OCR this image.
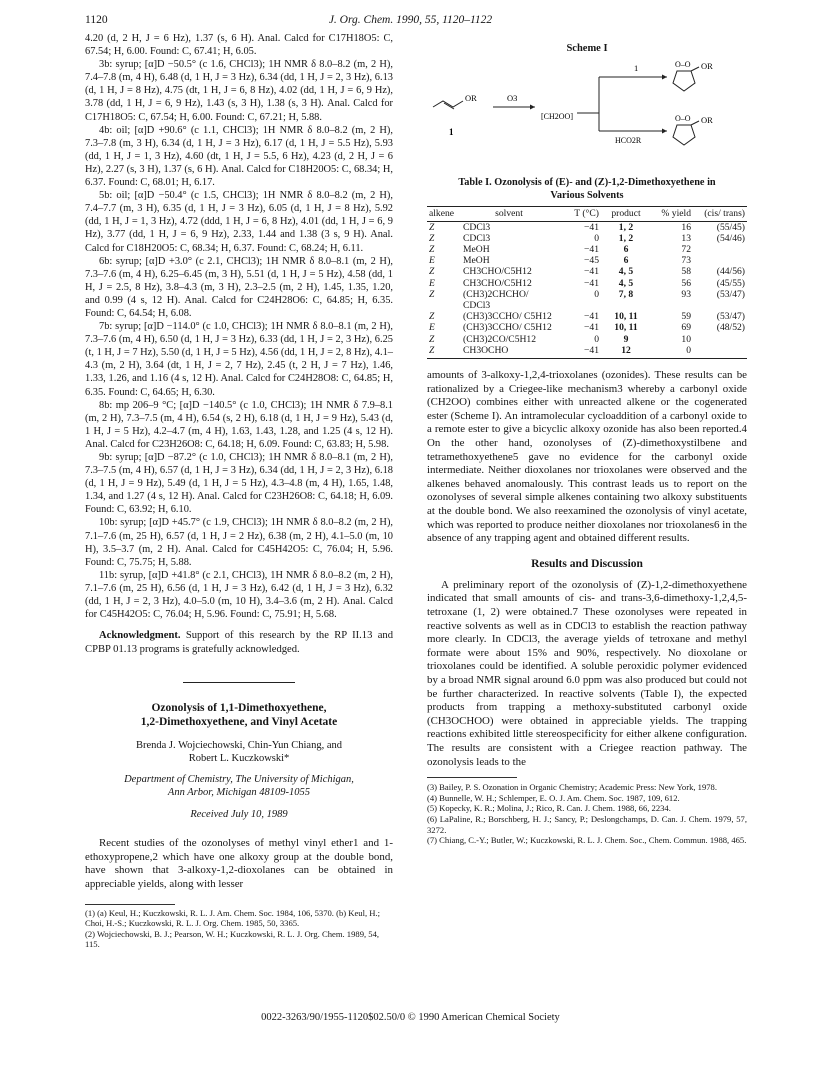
1120	J. Org. Chem. 1990, 55, 1120–1122
4.20 (d, 2 H, J = 6 Hz), 1.37 (s, 6 H). Anal. Calcd for C17H18O5: C, 67.54; H, 6.00. Found: C, 67.41; H, 6.05.
3b: syrup; [α]D −50.5° (c 1.6, CHCl3); 1H NMR δ 8.0–8.2 (m, 2 H), 7.4–7.8 (m, 4 H), 6.48 (d, 1 H, J = 3 Hz), 6.34 (dd, 1 H, J = 2, 3 Hz), 6.13 (d, 1 H, J = 8 Hz), 4.75 (dt, 1 H, J = 6, 8 Hz), 4.02 (dd, 1 H, J = 6, 9 Hz), 3.78 (dd, 1 H, J = 6, 9 Hz), 1.43 (s, 3 H), 1.38 (s, 3 H). Anal. Calcd for C17H18O5: C, 67.54; H, 6.00. Found: C, 67.21; H, 5.88.
4b: oil; [α]D +90.6° (c 1.1, CHCl3); 1H NMR δ 8.0–8.2 (m, 2 H), 7.3–7.8 (m, 3 H), 6.34 (d, 1 H, J = 3 Hz), 6.17 (d, 1 H, J = 5.5 Hz), 5.93 (dd, 1 H, J = 1, 3 Hz), 4.60 (dt, 1 H, J = 5.5, 6 Hz), 4.23 (d, 2 H, J = 6 Hz), 2.27 (s, 3 H), 1.37 (s, 6 H). Anal. Calcd for C18H20O5: C, 68.34; H, 6.37. Found: C, 68.01; H, 6.17.
5b: oil; [α]D −50.4° (c 1.5, CHCl3); 1H NMR δ 8.0–8.2 (m, 2 H), 7.4–7.7 (m, 3 H), 6.35 (d, 1 H, J = 3 Hz), 6.05 (d, 1 H, J = 8 Hz), 5.92 (dd, 1 H, J = 1, 3 Hz), 4.72 (ddd, 1 H, J = 6, 8 Hz), 4.01 (dd, 1 H, J = 6, 9 Hz), 3.77 (dd, 1 H, J = 6, 9 Hz), 2.33, 1.44 and 1.38 (3 s, 9 H). Anal. Calcd for C18H20O5: C, 68.34; H, 6.37. Found: C, 68.24; H, 6.11.
6b: syrup; [α]D +3.0° (c 2.1, CHCl3); 1H NMR δ 8.0–8.1 (m, 2 H), 7.3–7.6 (m, 4 H), 6.25–6.45 (m, 3 H), 5.51 (d, 1 H, J = 5 Hz), 4.58 (dd, 1 H, J = 2.5, 8 Hz), 3.8–4.3 (m, 3 H), 2.3–2.5 (m, 2 H), 1.45, 1.35, 1.20, and 0.99 (4 s, 12 H). Anal. Calcd for C24H28O6: C, 64.85; H, 6.35. Found: C, 64.54; H, 6.08.
7b: syrup; [α]D −114.0° (c 1.0, CHCl3); 1H NMR δ 8.0–8.1 (m, 2 H), 7.3–7.6 (m, 4 H), 6.50 (d, 1 H, J = 3 Hz), 6.33 (dd, 1 H, J = 2, 3 Hz), 6.25 (t, 1 H, J = 7 Hz), 5.50 (d, 1 H, J = 5 Hz), 4.56 (dd, 1 H, J = 2, 8 Hz), 4.1–4.3 (m, 2 H), 3.64 (dt, 1 H, J = 2, 7 Hz), 2.45 (t, 2 H, J = 7 Hz), 1.46, 1.33, 1.26, and 1.16 (4 s, 12 H). Anal. Calcd for C24H28O8: C, 64.85; H, 6.35. Found: C, 64.65; H, 6.30.
8b: mp 206–9 °C; [α]D −140.5° (c 1.0, CHCl3); 1H NMR δ 7.9–8.1 (m, 2 H), 7.3–7.5 (m, 4 H), 6.54 (s, 2 H), 6.18 (d, 1 H, J = 9 Hz), 5.43 (d, 1 H, J = 5 Hz), 4.2–4.7 (m, 4 H), 1.63, 1.43, 1.28, and 1.25 (4 s, 12 H). Anal. Calcd for C23H26O8: C, 64.18; H, 6.09. Found: C, 63.83; H, 5.98.
9b: syrup; [α]D −87.2° (c 1.0, CHCl3); 1H NMR δ 8.0–8.1 (m, 2 H), 7.3–7.5 (m, 4 H), 6.57 (d, 1 H, J = 3 Hz), 6.34 (dd, 1 H, J = 2, 3 Hz), 6.18 (d, 1 H, J = 9 Hz), 5.49 (d, 1 H, J = 5 Hz), 4.3–4.8 (m, 4 H), 1.65, 1.48, 1.34, and 1.27 (4 s, 12 H). Anal. Calcd for C23H26O8: C, 64.18; H, 6.09. Found: C, 63.92; H, 6.10.
10b: syrup; [α]D +45.7° (c 1.9, CHCl3); 1H NMR δ 8.0–8.2 (m, 2 H), 7.1–7.6 (m, 25 H), 6.57 (d, 1 H, J = 2 Hz), 6.38 (m, 2 H), 4.1–5.0 (m, 10 H), 3.5–3.7 (m, 2 H). Anal. Calcd for C45H42O5: C, 76.04; H, 5.96. Found: C, 75.75; H, 5.88.
11b: syrup, [α]D +41.8° (c 2.1, CHCl3), 1H NMR δ 8.0–8.2 (m, 2 H), 7.1–7.6 (m, 25 H), 6.56 (d, 1 H, J = 3 Hz), 6.42 (d, 1 H, J = 3 Hz), 6.32 (dd, 1 H, J = 2, 3 Hz), 4.0–5.0 (m, 10 H), 3.4–3.6 (m, 2 H). Anal. Calcd for C45H42O5: C, 76.04; H, 5.96. Found: C, 75.91; H, 5.68.
Acknowledgment. Support of this research by the RP II.13 and CPBP 01.13 programs is gratefully acknowledged.
Ozonolysis of 1,1-Dimethoxyethene,
1,2-Dimethoxyethene, and Vinyl Acetate
Brenda J. Wojciechowski, Chin-Yun Chiang, and
Robert L. Kuczkowski*
Department of Chemistry, The University of Michigan,
Ann Arbor, Michigan 48109-1055
Received July 10, 1989
Recent studies of the ozonolyses of methyl vinyl ether1 and 1-ethoxypropene,2 which have one alkoxy group at the double bond, have shown that 3-alkoxy-1,2-dioxolanes can be obtained in appreciable yields, along with lesser
(1) (a) Keul, H.; Kuczkowski, R. L. J. Am. Chem. Soc. 1984, 106, 5370. (b) Keul, H.; Choi, H.-S.; Kuczkowski, R. L. J. Org. Chem. 1985, 50, 3365.
(2) Wojciechowski, B. J.; Pearson, W. H.; Kuczkowski, R. L. J. Org. Chem. 1989, 54, 115.
Scheme I
OR
1
O3
[CH2OO]
1
HCO2R
O–O OR
O–O OR
Table I. Ozonolysis of (E)- and (Z)-1,2-Dimethoxyethene in
Various Solvents
alkene	solvent	T (°C)	product	% yield	(cis/ trans)
Z	CDCl3	−41	1, 2	16	(55/45)
Z	CDCl3	0	1, 2	13	(54/46)
Z	MeOH	−41	6	72	
E	MeOH	−45	6	73	
Z	CH3CHO/C5H12	−41	4, 5	58	(44/56)
E	CH3CHO/C5H12	−41	4, 5	56	(45/55)
Z	(CH3)2CHCHO/ CDCl3	0	7, 8	93	(53/47)
Z	(CH3)3CCHO/ C5H12	−41	10, 11	59	(53/47)
E	(CH3)3CCHO/ C5H12	−41	10, 11	69	(48/52)
Z	(CH3)2CO/C5H12	0	9	10	
Z	CH3OCHO	−41	12	0	
amounts of 3-alkoxy-1,2,4-trioxolanes (ozonides). These results can be rationalized by a Criegee-like mechanism3 whereby a carbonyl oxide (CH2OO) combines either with unreacted alkene or the cogenerated ester (Scheme I). An intramolecular cycloaddition of a carbonyl oxide to a remote ester to give a bicyclic alkoxy ozonide has also been reported.4 On the other hand, ozonolyses of (Z)-dimethoxystilbene and tetramethoxyethene5 gave no evidence for the carbonyl oxide intermediate. Neither dioxolanes nor trioxolanes were observed and the alkenes behaved anomalously. This contrast leads us to report on the ozonolyses of several simple alkenes containing two alkoxy substituents at the double bond. We also reexamined the ozonolysis of vinyl acetate, which was reported to produce neither dioxolanes nor trioxolanes6 in the absence of any trapping agent and obtained different results.
Results and Discussion
A preliminary report of the ozonolysis of (Z)-1,2-dimethoxyethene indicated that small amounts of cis- and trans-3,6-dimethoxy-1,2,4,5-tetroxane (1, 2) were obtained.7 These ozonolyses were repeated in reactive solvents as well as in CDCl3 to establish the reaction pathway more clearly. In CDCl3, the average yields of tetroxane and methyl formate were about 15% and 90%, respectively. No dioxolane or trioxolanes could be identified. A soluble peroxidic polymer evidenced by a broad NMR signal around 6.0 ppm was also produced but could not be further characterized. In reactive solvents (Table I), the expected products from trapping a methoxy-substituted carbonyl oxide (CH3OCHOO) were obtained in appreciable yields. The trapping reactions exhibited little stereospecificity for either alkene configuration. The results are consistent with a Criegee reaction pathway. The ozonolysis leads to the
(3) Bailey, P. S. Ozonation in Organic Chemistry; Academic Press: New York, 1978.
(4) Bunnelle, W. H.; Schlemper, E. O. J. Am. Chem. Soc. 1987, 109, 612.
(5) Kopecky, K. R.; Molina, J.; Rico, R. Can. J. Chem. 1988, 66, 2234.
(6) LaPaline, R.; Borschberg, H. J.; Sancy, P.; Deslongchamps, D. Can. J. Chem. 1979, 57, 3272.
(7) Chiang, C.-Y.; Butler, W.; Kuczkowski, R. L. J. Chem. Soc., Chem. Commun. 1988, 465.
0022-3263/90/1955-1120$02.50/0 © 1990 American Chemical Society
